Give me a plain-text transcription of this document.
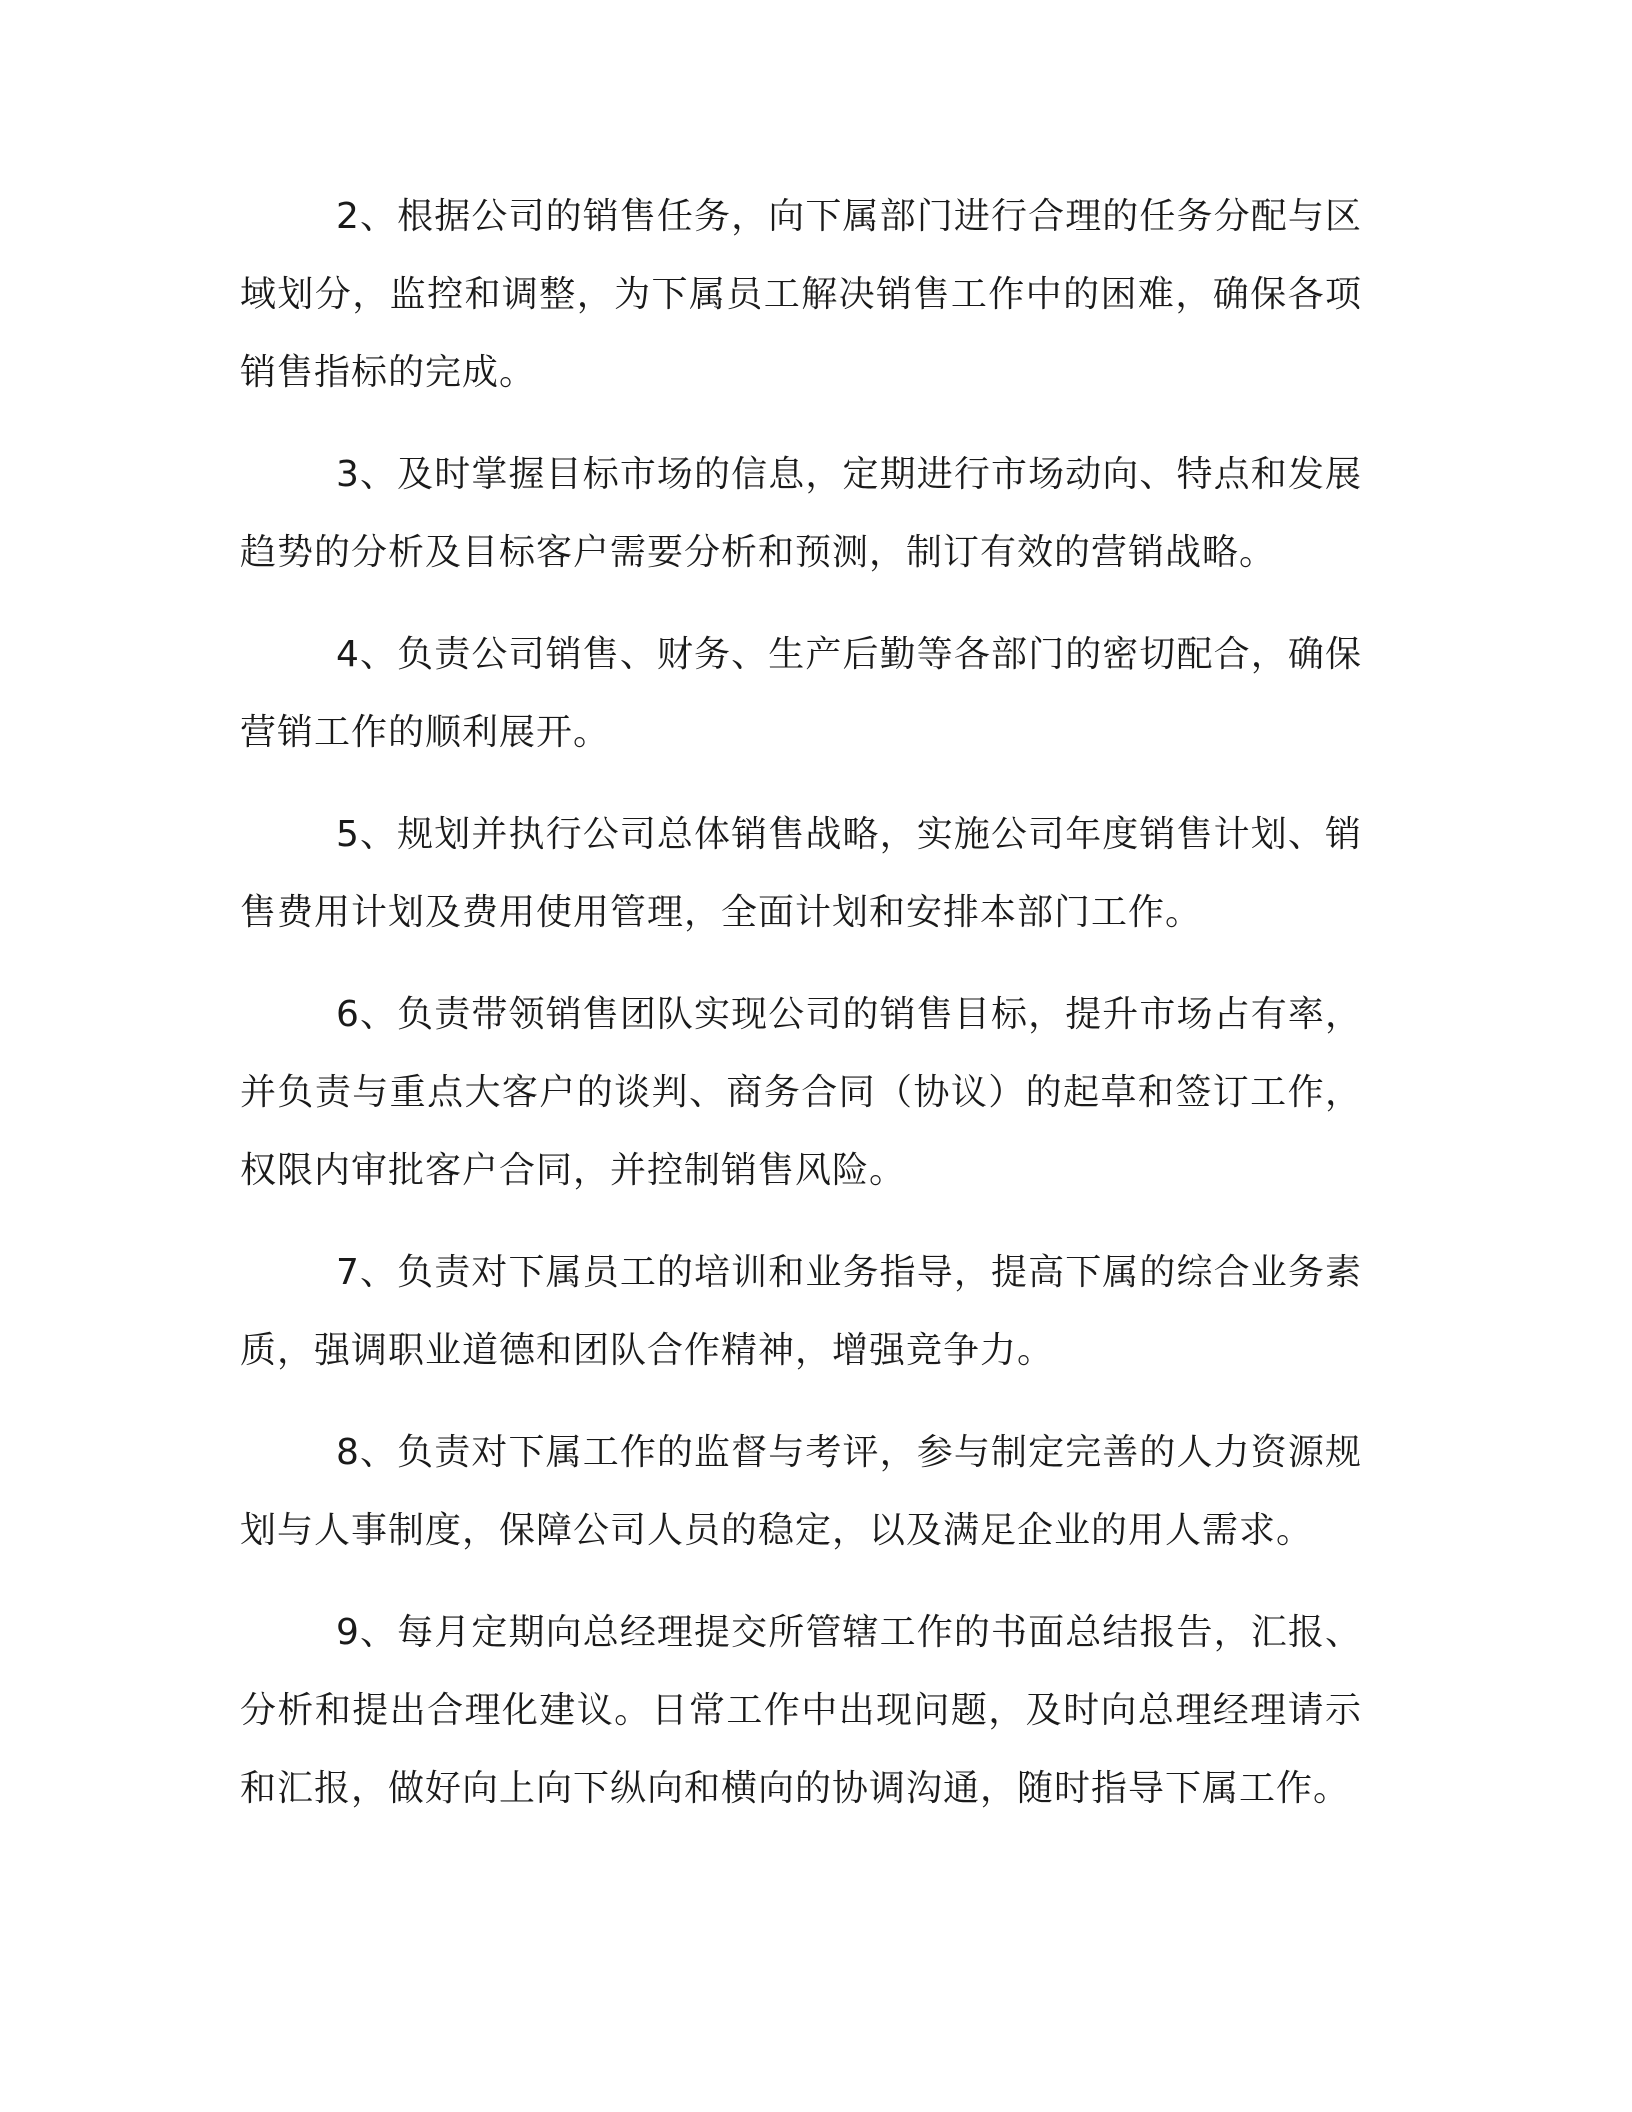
2、根据公司的销售任务，向下属部门进行合理的任务分配与区域划分，监控和调整，为下属员工解决销售工作中的困难，确保各项销售指标的完成。

3、及时掌握目标市场的信息，定期进行市场动向、特点和发展趋势的分析及目标客户需要分析和预测，制订有效的营销战略。

4、负责公司销售、财务、生产后勤等各部门的密切配合，确保营销工作的顺利展开。

5、规划并执行公司总体销售战略，实施公司年度销售计划、销售费用计划及费用使用管理，全面计划和安排本部门工作。

6、负责带领销售团队实现公司的销售目标，提升市场占有率，并负责与重点大客户的谈判、商务合同（协议）的起草和签订工作，权限内审批客户合同，并控制销售风险。

7、负责对下属员工的培训和业务指导，提高下属的综合业务素质，强调职业道德和团队合作精神，增强竞争力。

8、负责对下属工作的监督与考评，参与制定完善的人力资源规划与人事制度，保障公司人员的稳定，以及满足企业的用人需求。

9、每月定期向总经理提交所管辖工作的书面总结报告，汇报、分析和提出合理化建议。日常工作中出现问题，及时向总理经理请示和汇报，做好向上向下纵向和横向的协调沟通，随时指导下属工作。
